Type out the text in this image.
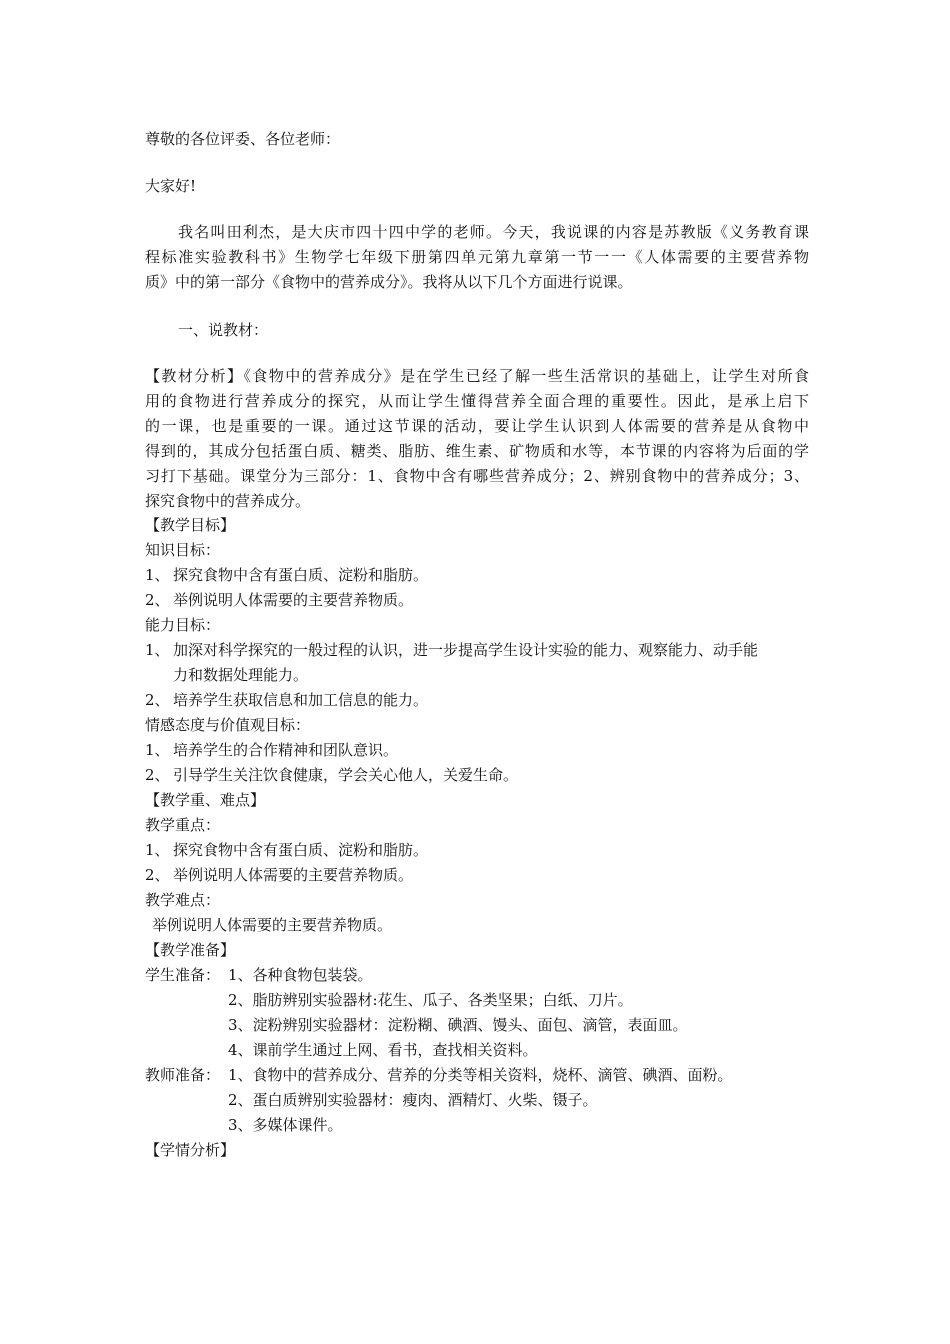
尊敬的各位评委、各位老师：
大家好!
我名叫田利杰，是大庆市四十四中学的老师。今天，我说课的内容是苏教版《义务教育课
程标准实验教科书》生物学七年级下册第四单元第九章第一节一一《人体需要的主要营养物
质》中的第一部分《食物中的营养成分》。我将从以下几个方面进行说课。
一、说教材：
【教材分析】《食物中的营养成分》是在学生已经了解一些生活常识的基础上，让学生对所食
用的食物进行营养成分的探究，从而让学生懂得营养全面合理的重要性。因此，是承上启下
的一课，也是重要的一课。通过这节课的活动，要让学生认识到人体需要的营养是从食物中
得到的，其成分包括蛋白质、糖类、脂肪、维生素、矿物质和水等，本节课的内容将为后面的学
习打下基础。课堂分为三部分：1、食物中含有哪些营养成分；2、辨别食物中的营养成分；3、
探究食物中的营养成分。
【教学目标】
知识目标：
1、 探究食物中含有蛋白质、淀粉和脂肪。
2、 举例说明人体需要的主要营养物质。
能力目标：
1、 加深对科学探究的一般过程的认识，进一步提高学生设计实验的能力、观察能力、动手能
力和数据处理能力。
2、 培养学生获取信息和加工信息的能力。
情感态度与价值观目标：
1、 培养学生的合作精神和团队意识。
2、 引导学生关注饮食健康，学会关心他人，关爱生命。
【教学重、难点】
教学重点：
1、 探究食物中含有蛋白质、淀粉和脂肪。
2、 举例说明人体需要的主要营养物质。
教学难点：
举例说明人体需要的主要营养物质。
【教学准备】
学生准备： 1、各种食物包装袋。
2、脂肪辨别实验器材:花生、瓜子、各类坚果；白纸、刀片。
3、淀粉辨别实验器材：淀粉糊、碘酒、馒头、面包、滴管，表面皿。
4、课前学生通过上网、看书，查找相关资料。
教师准备： 1、食物中的营养成分、营养的分类等相关资料，烧杯、滴管、碘酒、面粉。
2、蛋白质辨别实验器材：瘦肉、酒精灯、火柴、镊子。
3、多媒体课件。
【学情分析】
